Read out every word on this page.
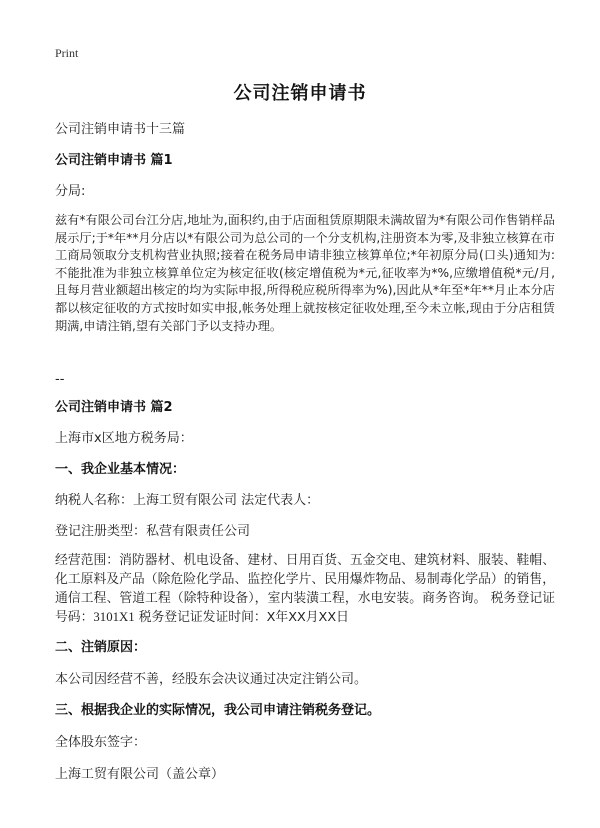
Print
公司注销申请书
公司注销申请书十三篇
公司注销申请书 篇1
分局:
兹有*有限公司台江分店,地址为,面积约,由于店面租赁原期限未满故留为*有限公司作售销样品展示厅;于*年**月分店以*有限公司为总公司的一个分支机构,注册资本为零,及非独立核算在市工商局领取分支机构营业执照;接着在税务局申请非独立核算单位;*年初原分局(口头)通知为:不能批准为非独立核算单位定为核定征收(核定增值税为*元,征收率为*%,应缴增值税*元/月,且每月营业额超出核定的均为实际申报,所得税应税所得率为%),因此从*年至*年**月止本分店都以核定征收的方式按时如实申报,帐务处理上就按核定征收处理,至今未立帐,现由于分店租赁期满,申请注销,望有关部门予以支持办理。
--
公司注销申请书 篇2
上海市x区地方税务局：
一、我企业基本情况：
纳税人名称：上海工贸有限公司 法定代表人：
登记注册类型：私营有限责任公司
经营范围：消防器材、机电设备、建材、日用百货、五金交电、建筑材料、服装、鞋帽、化工原料及产品（除危险化学品、监控化学片、民用爆炸物品、易制毒化学品）的销售，通信工程、管道工程（除特种设备），室内装潢工程，水电安装。商务咨询。 税务登记证号码：3101X1 税务登记证发证时间：X年XX月XX日
二、注销原因：
本公司因经营不善，经股东会决议通过决定注销公司。
三、根据我企业的实际情况，我公司申请注销税务登记。
全体股东签字：
上海工贸有限公司（盖公章）
